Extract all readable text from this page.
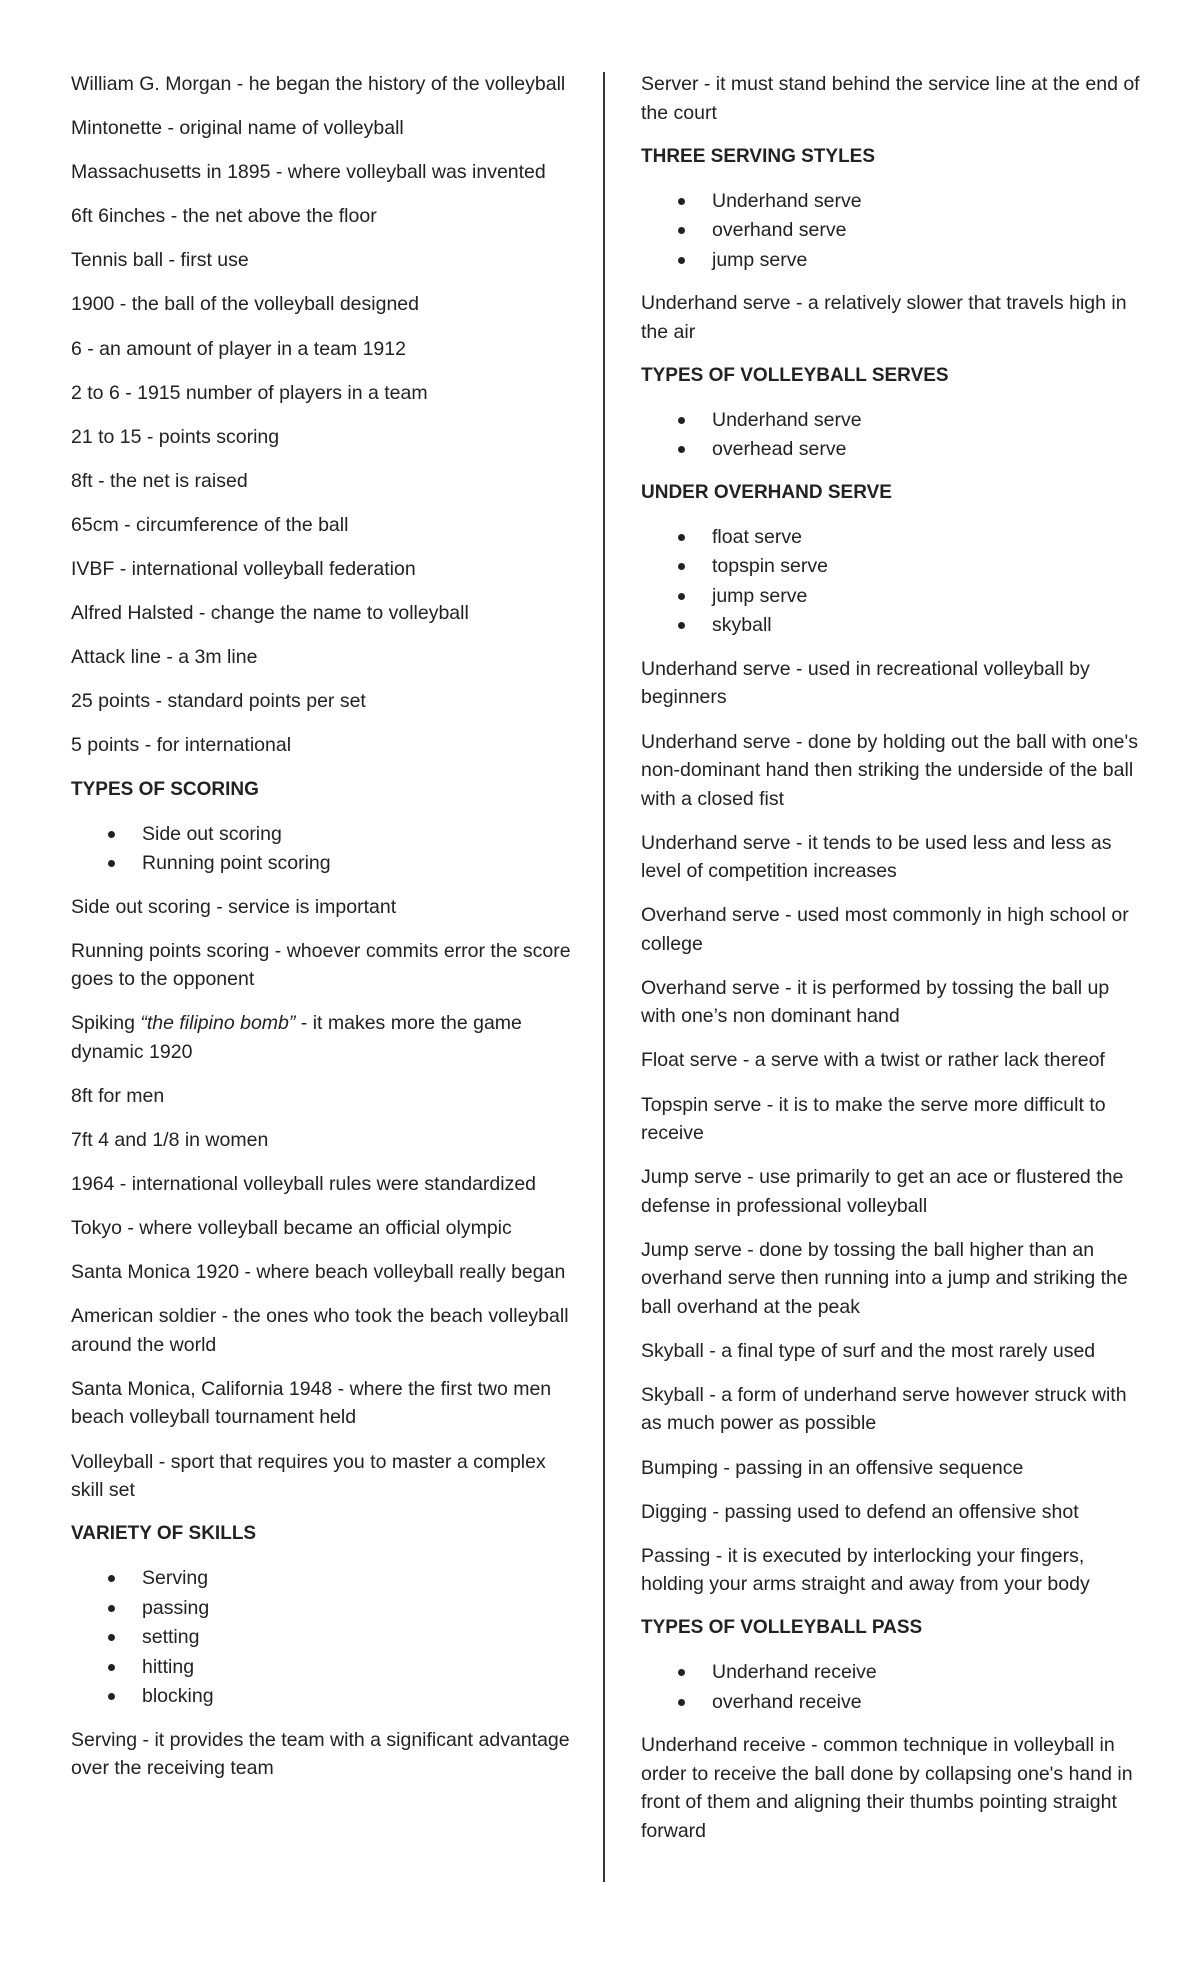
William G. Morgan - he began the history of the volleyball

Mintonette - original name of volleyball

Massachusetts in 1895 - where volleyball was invented

6ft 6inches - the net above the floor

Tennis ball - first use

1900 - the ball of the volleyball designed

6 - an amount of player in a team 1912

2 to 6 - 1915 number of players in a team

21 to 15 - points scoring

8ft - the net is raised

65cm - circumference of the ball

IVBF - international volleyball federation

Alfred Halsted - change the name to volleyball

Attack line - a 3m line

25 points - standard points per set

5 points - for international

TYPES OF SCORING

Side out scoring
Running point scoring

Side out scoring - service is important

Running points scoring - whoever commits error the score goes to the opponent

Spiking “the filipino bomb” - it makes more the game dynamic 1920

8ft for men

7ft 4 and 1/8 in women

1964 - international volleyball rules were standardized

Tokyo - where volleyball became an official olympic

Santa Monica 1920 - where beach volleyball really began

American soldier - the ones who took the beach volleyball around the world

Santa Monica, California 1948 - where the first two men beach volleyball tournament held

Volleyball - sport that requires you to master a complex skill set

VARIETY OF SKILLS

Serving
passing
setting
hitting
blocking

Serving - it provides the team with a significant advantage over the receiving team

Server - it must stand behind the service line at the end of the court

THREE SERVING STYLES

Underhand serve
overhand serve
jump serve

Underhand serve - a relatively slower that travels high in the air

TYPES OF VOLLEYBALL SERVES

Underhand serve
overhead serve

UNDER OVERHAND SERVE

float serve
topspin serve
jump serve
skyball

Underhand serve - used in recreational volleyball by beginners

Underhand serve - done by holding out the ball with one's non-dominant hand then striking the underside of the ball with a closed fist

Underhand serve - it tends to be used less and less as level of competition increases

Overhand serve - used most commonly in high school or college

Overhand serve - it is performed by tossing the ball up with one’s non dominant hand

Float serve - a serve with a twist or rather lack thereof

Topspin serve - it is to make the serve more difficult to receive

Jump serve - use primarily to get an ace or flustered the defense in professional volleyball

Jump serve - done by tossing the ball higher than an overhand serve then running into a jump and striking the ball overhand at the peak

Skyball - a final type of surf and the most rarely used

Skyball - a form of underhand serve however struck with as much power as possible

Bumping - passing in an offensive sequence

Digging - passing used to defend an offensive shot

Passing - it is executed by interlocking your fingers, holding your arms straight and away from your body

TYPES OF VOLLEYBALL PASS

Underhand receive
overhand receive

Underhand receive - common technique in volleyball in order to receive the ball done by collapsing one's hand in front of them and aligning their thumbs pointing straight forward
